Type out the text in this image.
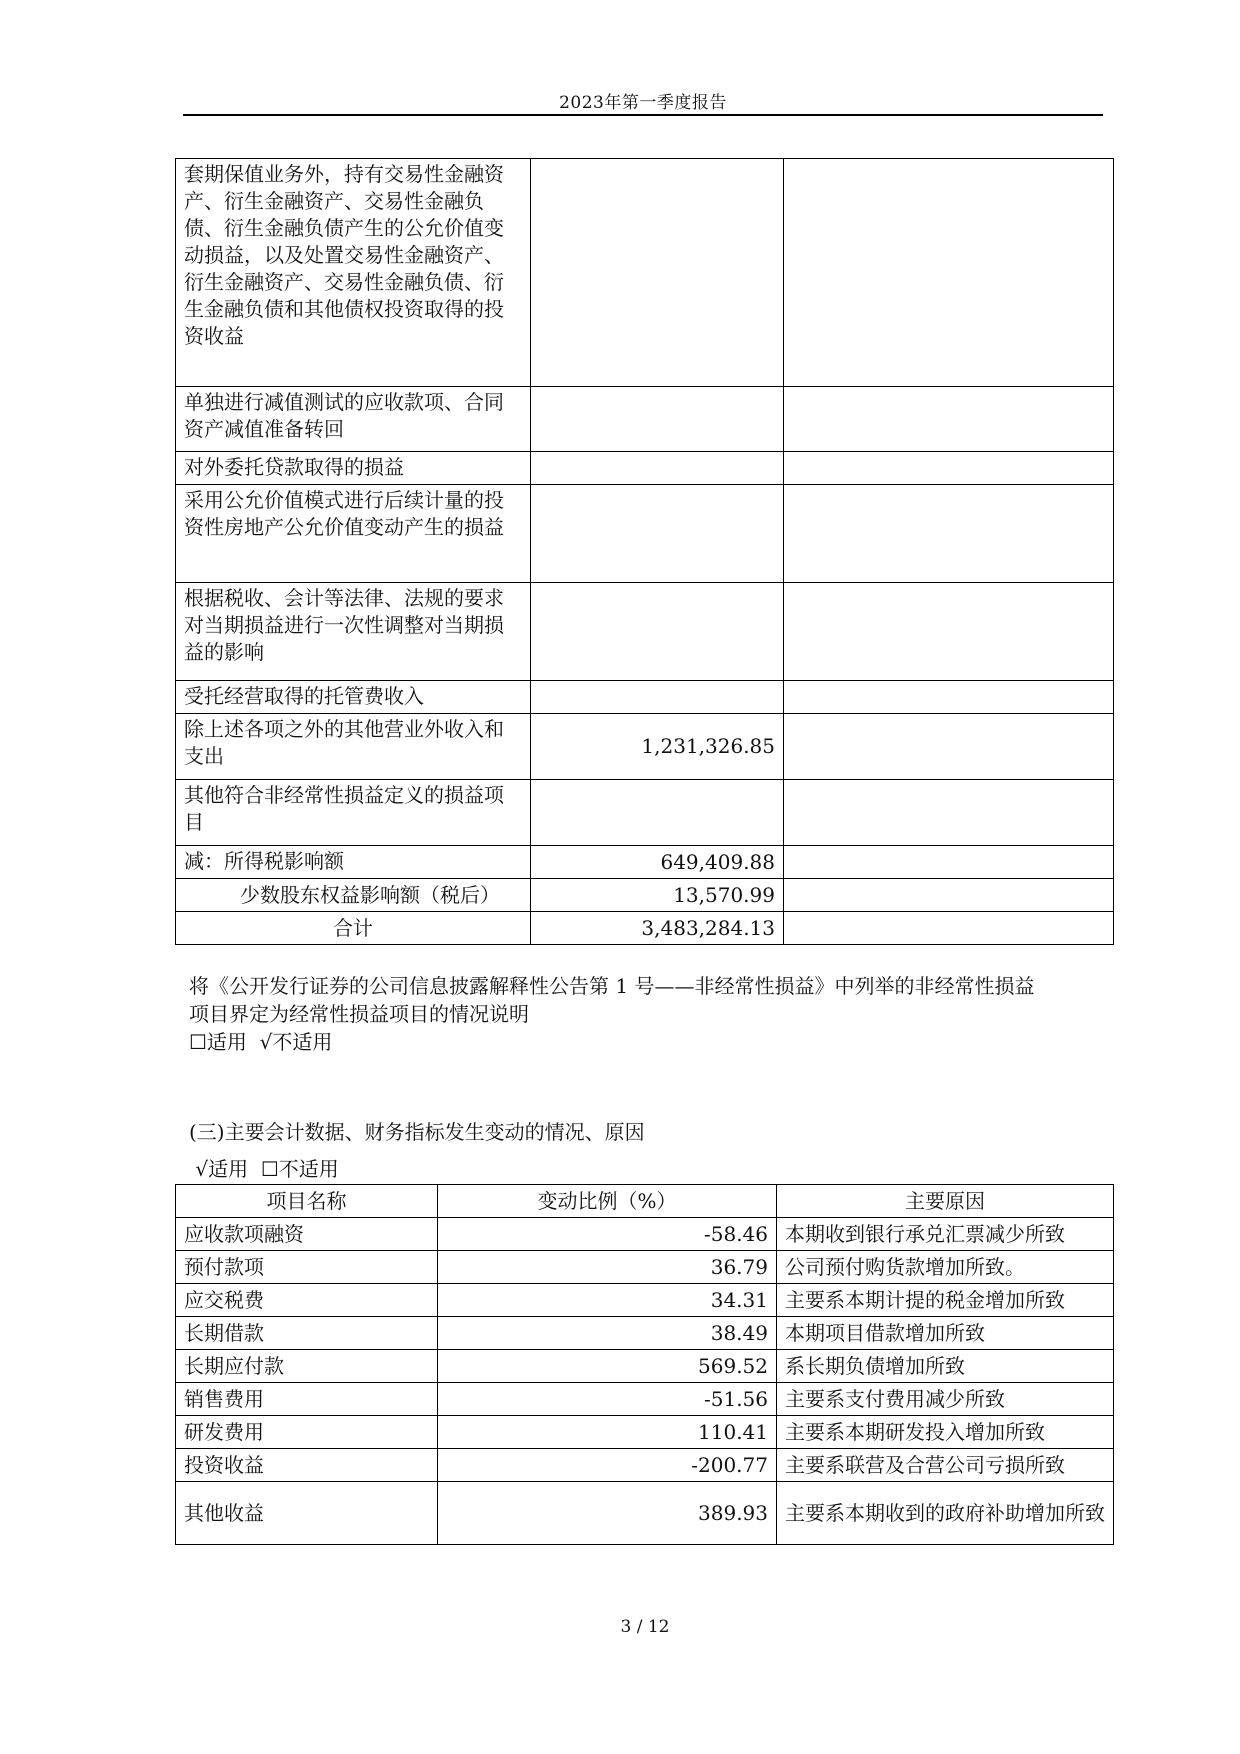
2023年第一季度报告
套期保值业务外，持有交易性金融资产、衍生金融资产、交易性金融负债、衍生金融负债产生的公允价值变动损益，以及处置交易性金融资产、衍生金融资产、交易性金融负债、衍生金融负债和其他债权投资取得的投资收益		
单独进行减值测试的应收款项、合同资产减值准备转回		
对外委托贷款取得的损益		
采用公允价值模式进行后续计量的投资性房地产公允价值变动产生的损益		
根据税收、会计等法律、法规的要求对当期损益进行一次性调整对当期损益的影响		
受托经营取得的托管费收入		
除上述各项之外的其他营业外收入和支出	1,231,326.85	
其他符合非经常性损益定义的损益项目		
减：所得税影响额	649,409.88	
少数股东权益影响额（税后）	13,570.99	
合计	3,483,284.13	
将《公开发行证券的公司信息披露解释性公告第 1 号——非经常性损益》中列举的非经常性损益
项目界定为经常性损益项目的情况说明
☐适用  √不适用
(三)主要会计数据、财务指标发生变动的情况、原因
√适用  ☐不适用
项目名称	变动比例（%）	主要原因
应收款项融资	-58.46	本期收到银行承兑汇票减少所致
预付款项	36.79	公司预付购货款增加所致。
应交税费	34.31	主要系本期计提的税金增加所致
长期借款	38.49	本期项目借款增加所致
长期应付款	569.52	系长期负债增加所致
销售费用	-51.56	主要系支付费用减少所致
研发费用	110.41	主要系本期研发投入增加所致
投资收益	-200.77	主要系联营及合营公司亏损所致
其他收益	389.93	主要系本期收到的政府补助增加所致
3 / 12
